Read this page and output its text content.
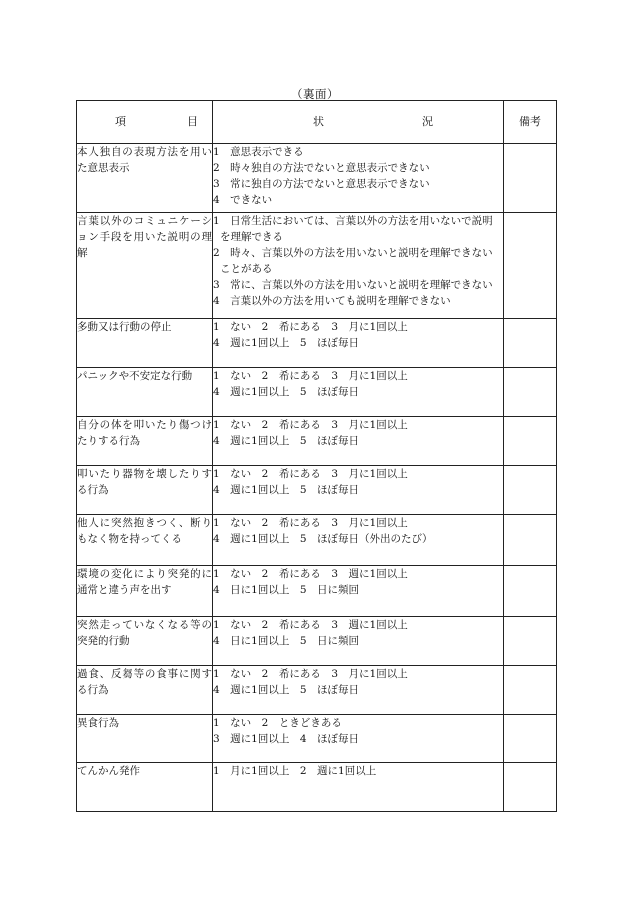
（裏面）
項 目	状 況	備考
本人独自の表現方法を用いた意思表示	1　意思表示できる
2　時々独自の方法でないと意思表示できない
3　常に独自の方法でないと意思表示できない
4　できない	

言葉以外のコミュニケーション手段を用いた説明の理解	1　日常生活においては、言葉以外の方法を用いないで説明を理解できる
2　時々、言葉以外の方法を用いないと説明を理解できないことがある
3　常に、言葉以外の方法を用いないと説明を理解できない
4　言葉以外の方法を用いても説明を理解できない	

多動又は行動の停止	1　ない　2　希にある　3　月に1回以上
4　週に1回以上　5　ほぼ毎日	

パニックや不安定な行動	1　ない　2　希にある　3　月に1回以上
4　週に1回以上　5　ほぼ毎日	

自分の体を叩いたり傷つけたりする行為	1　ない　2　希にある　3　月に1回以上
4　週に1回以上　5　ほぼ毎日	

叩いたり器物を壊したりする行為	1　ない　2　希にある　3　月に1回以上
4　週に1回以上　5　ほぼ毎日	

他人に突然抱きつく、断りもなく物を持ってくる	1　ない　2　希にある　3　月に1回以上
4　週に1回以上　5　ほぼ毎日（外出のたび）	

環境の変化により突発的に通常と違う声を出す	1　ない　2　希にある　3　週に1回以上
4　日に1回以上　5　日に頻回	

突然走っていなくなる等の突発的行動	1　ない　2　希にある　3　週に1回以上
4　日に1回以上　5　日に頻回	

過食、反芻等の食事に関する行為	1　ない　2　希にある　3　月に1回以上
4　週に1回以上　5　ほぼ毎日	

異食行為	1　ない　2　ときどきある
3　週に1回以上　4　ほぼ毎日	

てんかん発作	1　月に1回以上　2　週に1回以上	
